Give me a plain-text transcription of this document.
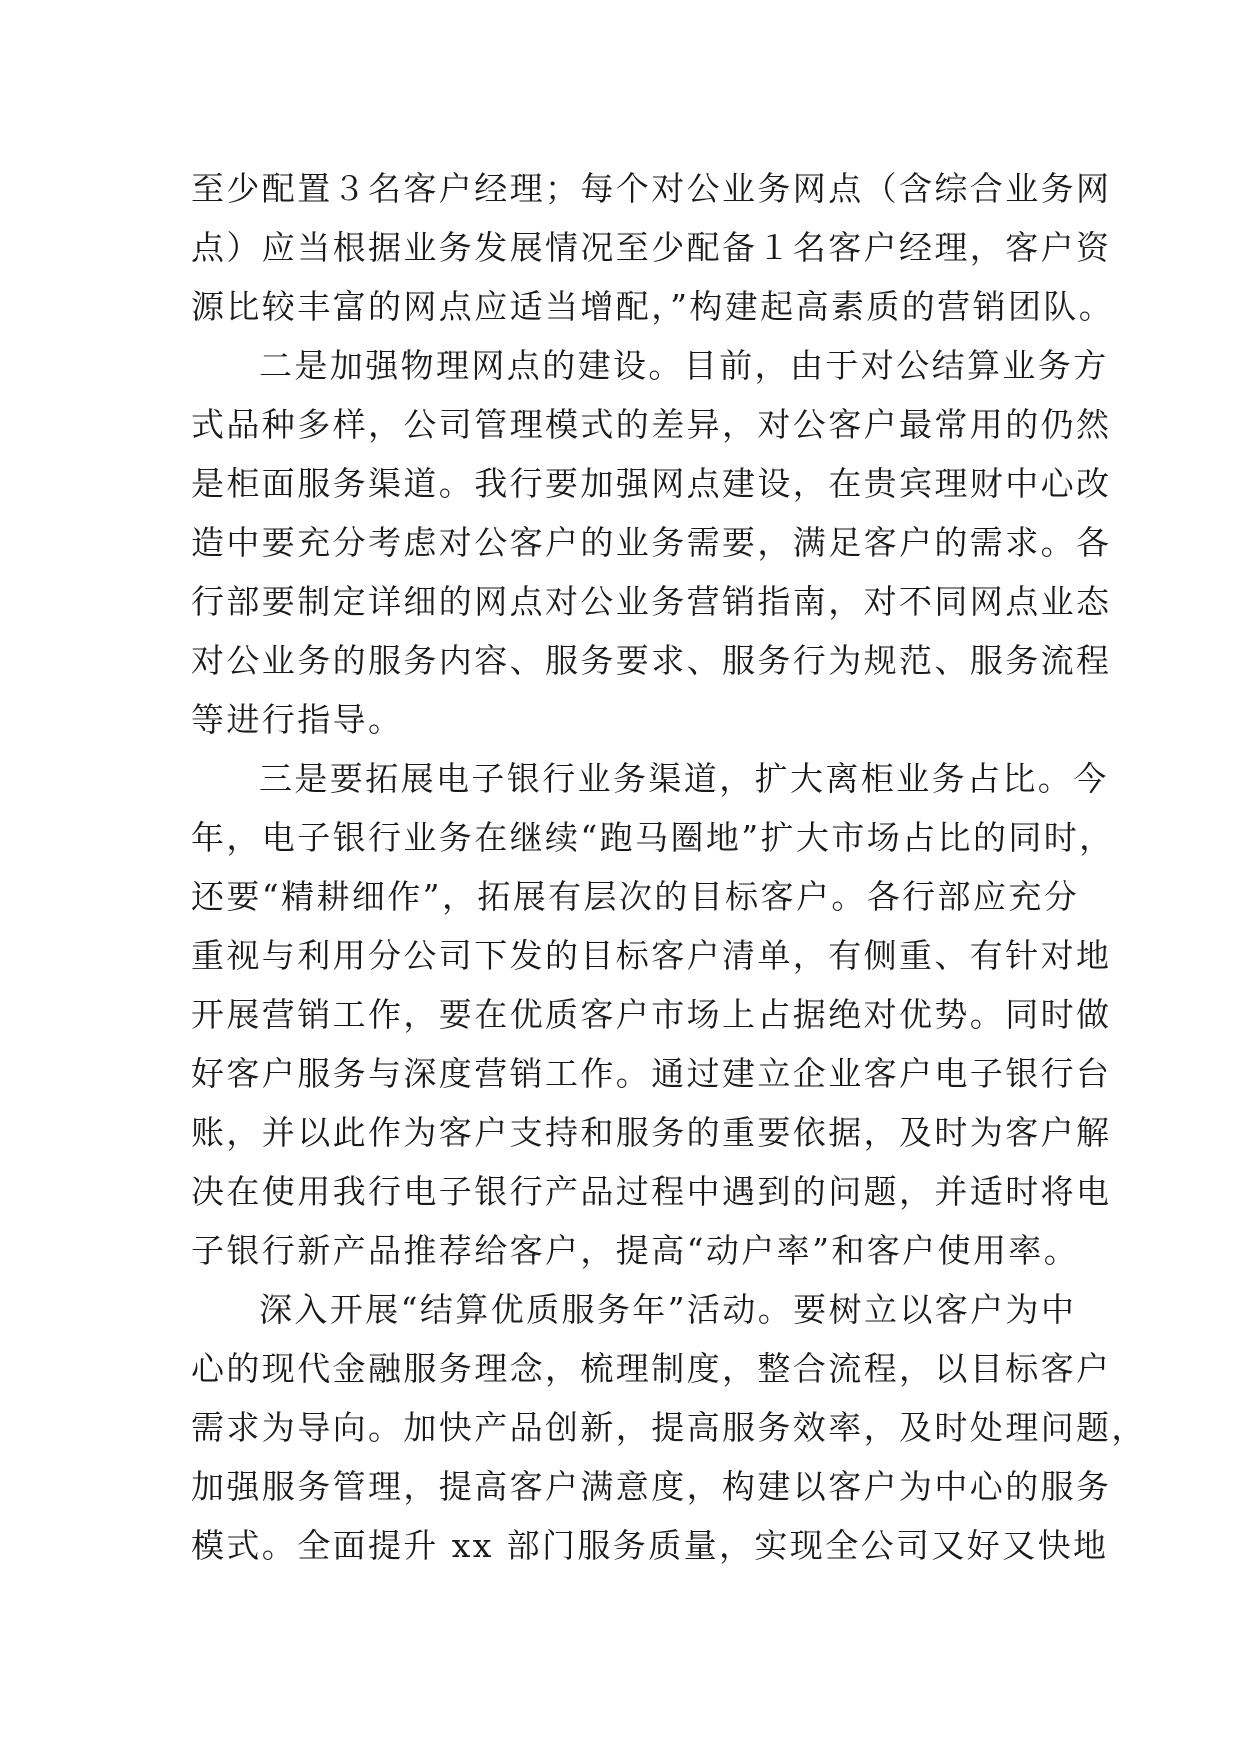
至少配置３名客户经理；每个对公业务网点（含综合业务网
点）应当根据业务发展情况至少配备１名客户经理，客户资
源比较丰富的网点应适当增配，”构建起高素质的营销团队。
二是加强物理网点的建设。目前，由于对公结算业务方
式品种多样，公司管理模式的差异，对公客户最常用的仍然
是柜面服务渠道。我行要加强网点建设，在贵宾理财中心改
造中要充分考虑对公客户的业务需要，满足客户的需求。各
行部要制定详细的网点对公业务营销指南，对不同网点业态
对公业务的服务内容、服务要求、服务行为规范、服务流程
等进行指导。
三是要拓展电子银行业务渠道，扩大离柜业务占比。今
年，电子银行业务在继续“跑马圈地”扩大市场占比的同时，
还要“精耕细作”，拓展有层次的目标客户。各行部应充分
重视与利用分公司下发的目标客户清单，有侧重、有针对地
开展营销工作，要在优质客户市场上占据绝对优势。同时做
好客户服务与深度营销工作。通过建立企业客户电子银行台
账，并以此作为客户支持和服务的重要依据，及时为客户解
决在使用我行电子银行产品过程中遇到的问题，并适时将电
子银行新产品推荐给客户，提高“动户率”和客户使用率。
深入开展“结算优质服务年”活动。要树立以客户为中
心的现代金融服务理念，梳理制度，整合流程，以目标客户
需求为导向。加快产品创新，提高服务效率，及时处理问题，
加强服务管理，提高客户满意度，构建以客户为中心的服务
模式。全面提升 xx 部门服务质量，实现全公司又好又快地
